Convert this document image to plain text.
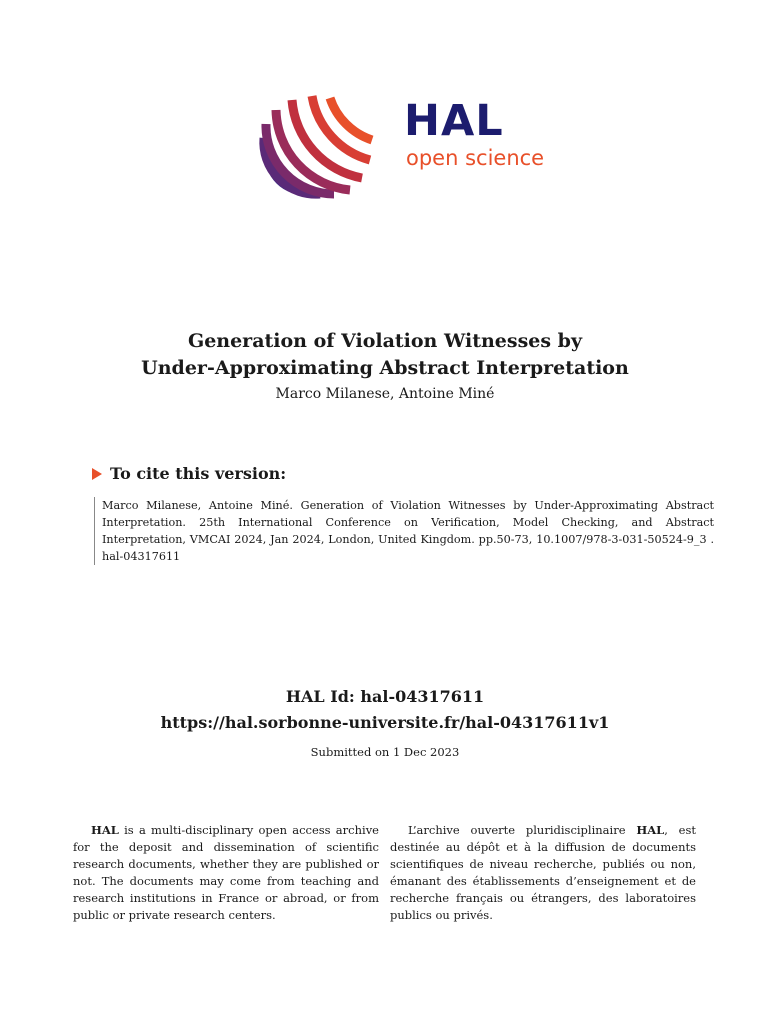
HAL
open science
Generation of Violation Witnesses by
Under-Approximating Abstract Interpretation
Marco Milanese, Antoine Miné
To cite this version:
Marco Milanese, Antoine Miné. Generation of Violation Witnesses by Under-Approximating Abstract Interpretation. 25th International Conference on Verification, Model Checking, and Abstract Interpretation, VMCAI 2024, Jan 2024, London, United Kingdom. pp.50-73, 10.1007/978-3-031-50524-9_3 . hal-04317611
HAL Id: hal-04317611
https://hal.sorbonne-universite.fr/hal-04317611v1
Submitted on 1 Dec 2023
HAL is a multi-disciplinary open access archive for the deposit and dissemination of scientific research documents, whether they are published or not. The documents may come from teaching and research institutions in France or abroad, or from public or private research centers.
L’archive ouverte pluridisciplinaire HAL, est destinée au dépôt et à la diffusion de documents scientifiques de niveau recherche, publiés ou non, émanant des établissements d’enseignement et de recherche français ou étrangers, des laboratoires publics ou privés.
